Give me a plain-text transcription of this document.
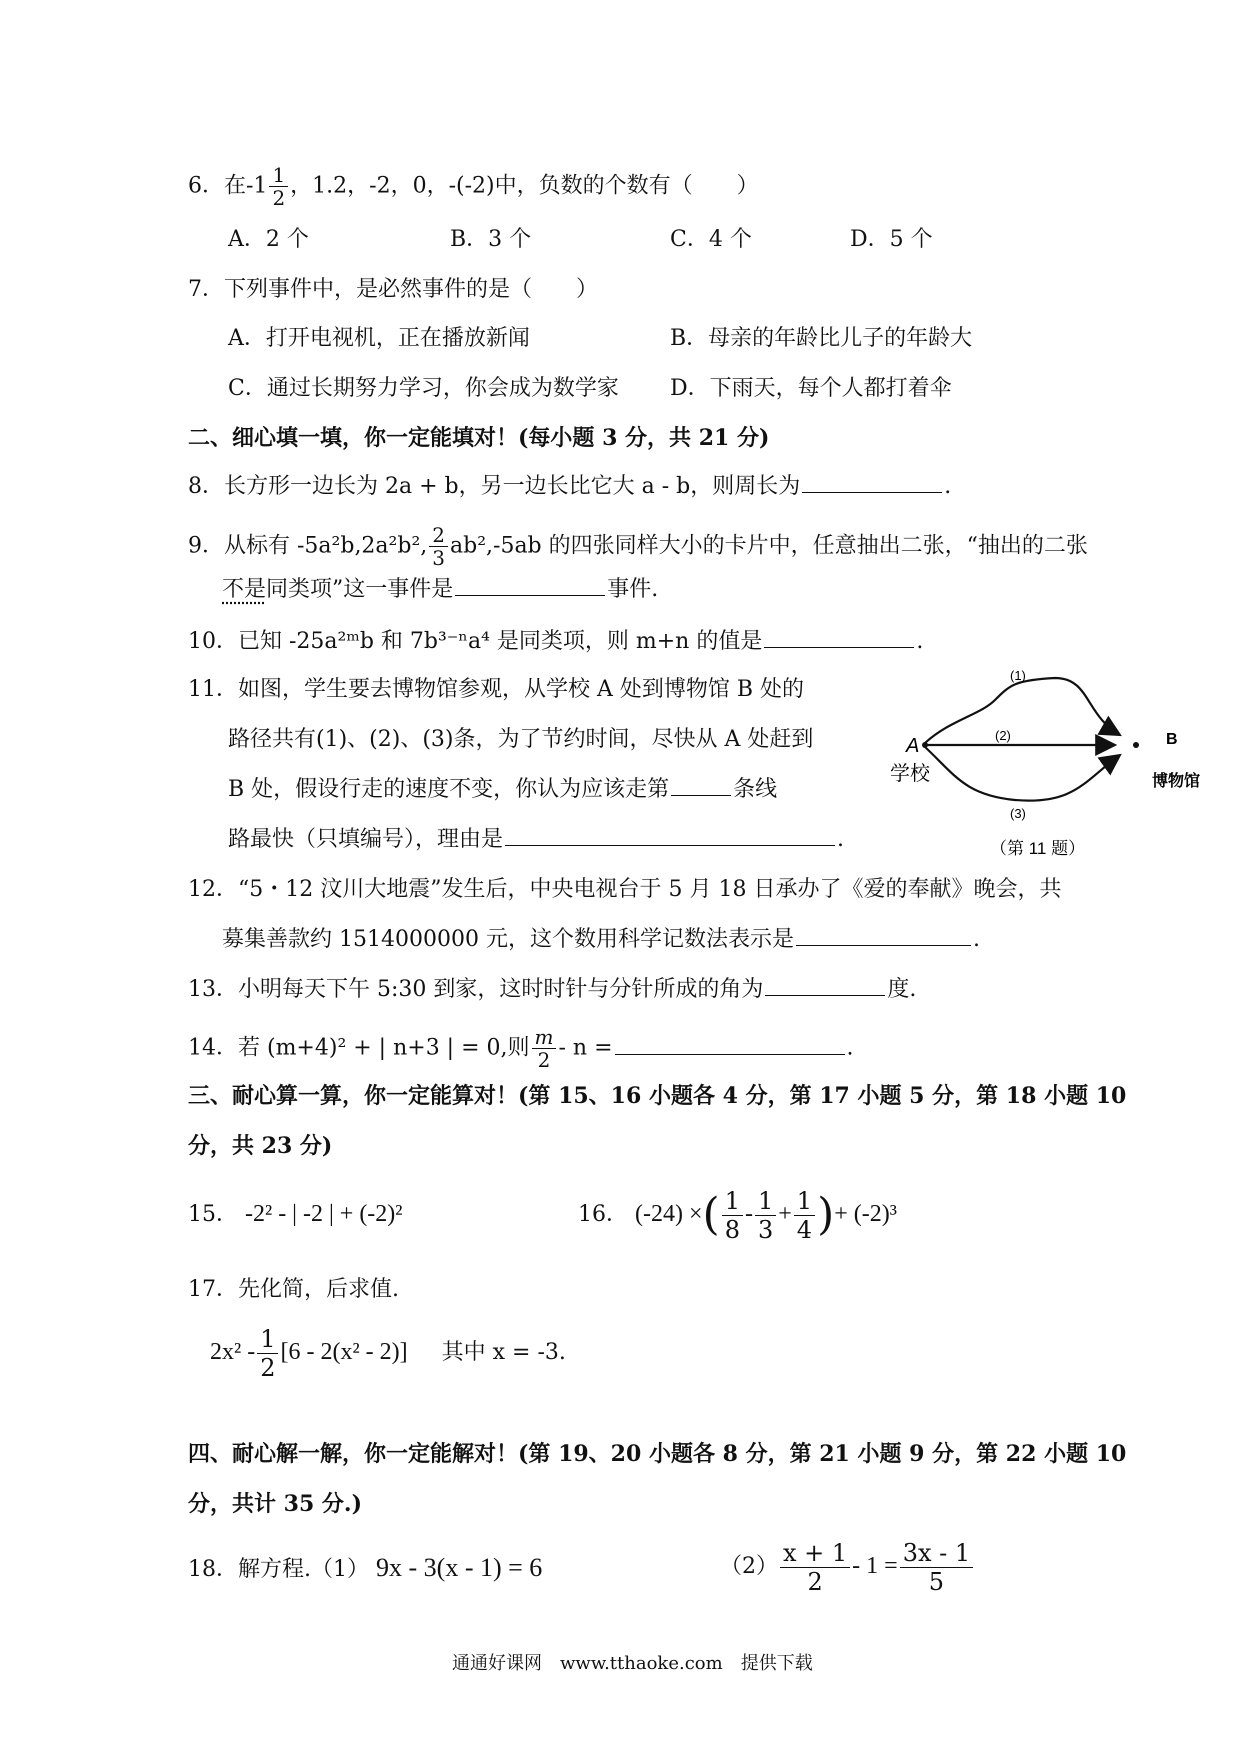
6．在$-1 \frac{1}{2}$ ，1.2，-2，0，-(-2)中，负数的个数有（　　）
A．2 个	B．3 个	C．4 个	D．5 个
7．下列事件中，是必然事件的是（　　）
A．打开电视机，正在播放新闻	B．母亲的年龄比儿子的年龄大
C．通过长期努力学习，你会成为数学家 D．下雨天，每个人都打着伞
二、细心填一填，你一定能填对！(每小题 3 分，共 21 分)
8．长方形一边长为 2a + b，另一边长比它大 a - b，则周长为	.
9．从标有 -5a²b,2a²b², $\frac{2}{3} ab^2,-5ab$ 的四张同样大小的卡片中，任意抽出二张，“抽出的二张
不是同类项”这一事件是	事件.
10．已知 -25a²ᵐb 和 7b³⁻ⁿa⁴ 是同类项，则 m+n 的值是	.
11．如图，学生要去博物馆参观，从学校 A 处到博物馆 B 处的
路径共有(1)、(2)、(3)条，为了节约时间，尽快从 A 处赶到
B 处，假设行走的速度不变，你认为应该走第	条线
路最快（只填编号），理由是	.
(1)
(2)
(3)
A
学校
B
博物馆
（第 11 题）
12．“5・12 汶川大地震”发生后，中央电视台于 5 月 18 日承办了《爱的奉献》晚会，共
募集善款约 1514000000 元，这个数用科学记数法表示是	.
13．小明每天下午 5:30 到家，这时时针与分针所成的角为	度.
14．若 (m+4)² + | n+3 | = 0,则 $\frac{m}{2}$ - n =	.
三、耐心算一算，你一定能算对！(第 15、16 小题各 4 分，第 17 小题 5 分，第 18 小题 10
分，共 23 分)
15． -2² - | -2 | + (-2)²	16． (-24) ×( $\frac{1}{8} - \frac{1}{3} + \frac{1}{4}$ )+ (-2)³
17．先化简，后求值.
$2x^2 - \frac{1}{2} [6 - 2(x^2 - 2)]$ 其中 x = -3.
四、耐心解一解，你一定能解对！(第 19、20 小题各 8 分，第 21 小题 9 分，第 22 小题 10
分，共计 35 分.)
18．解方程.（1） 9x - 3(x - 1) = 6	$(2) \frac{x + 1}{2} - 1 = \frac{3x - 1}{5}$
通通好课网　www.tthaoke.com　提供下载
